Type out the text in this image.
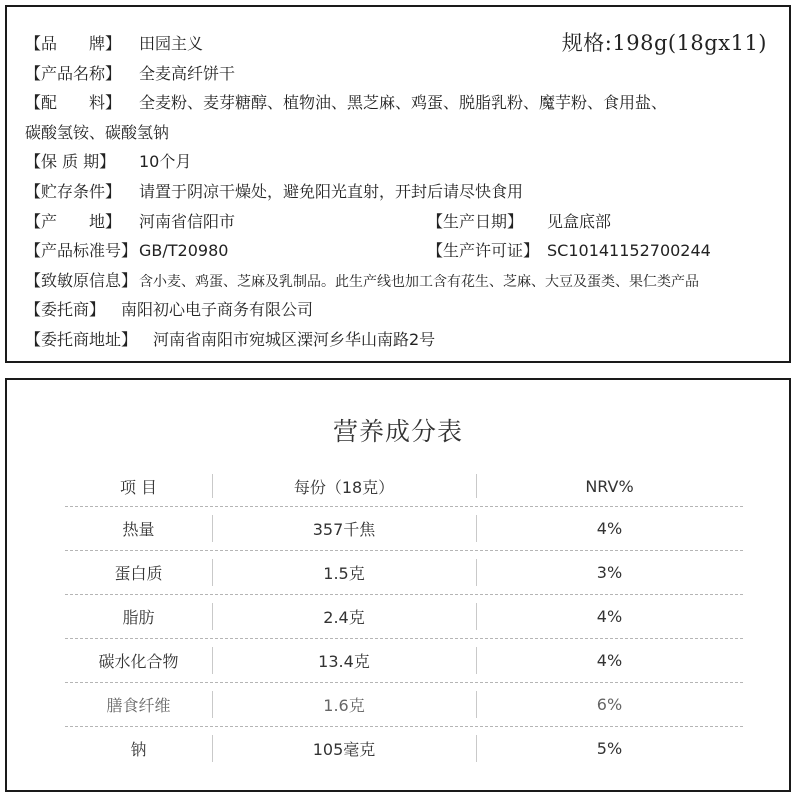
规格:198g(18gx11)
【品　　牌】 田园主义
【产品名称】 全麦高纤饼干
【配　　料】 全麦粉、麦芽糖醇、植物油、黑芝麻、鸡蛋、脱脂乳粉、魔芋粉、食用盐、
碳酸氢铵、碳酸氢钠
【保 质 期】 10个月
【贮存条件】 请置于阴凉干燥处，避免阳光直射，开封后请尽快食用
【产　　地】 河南省信阳市	【生产日期】 见盒底部
【产品标准号】 GB/T20980	【生产许可证】 SC10141152700244
【致敏原信息】 含小麦、鸡蛋、芝麻及乳制品。此生产线也加工含有花生、芝麻、大豆及蛋类、果仁类产品
【委托商】 南阳初心电子商务有限公司
【委托商地址】 河南省南阳市宛城区溧河乡华山南路2号
营养成分表
项 目	每份（18克）	NRV%
热量	357千焦	4%
蛋白质	1.5克	3%
脂肪	2.4克	4%
碳水化合物	13.4克	4%
膳食纤维	1.6克	6%
钠	105毫克	5%
